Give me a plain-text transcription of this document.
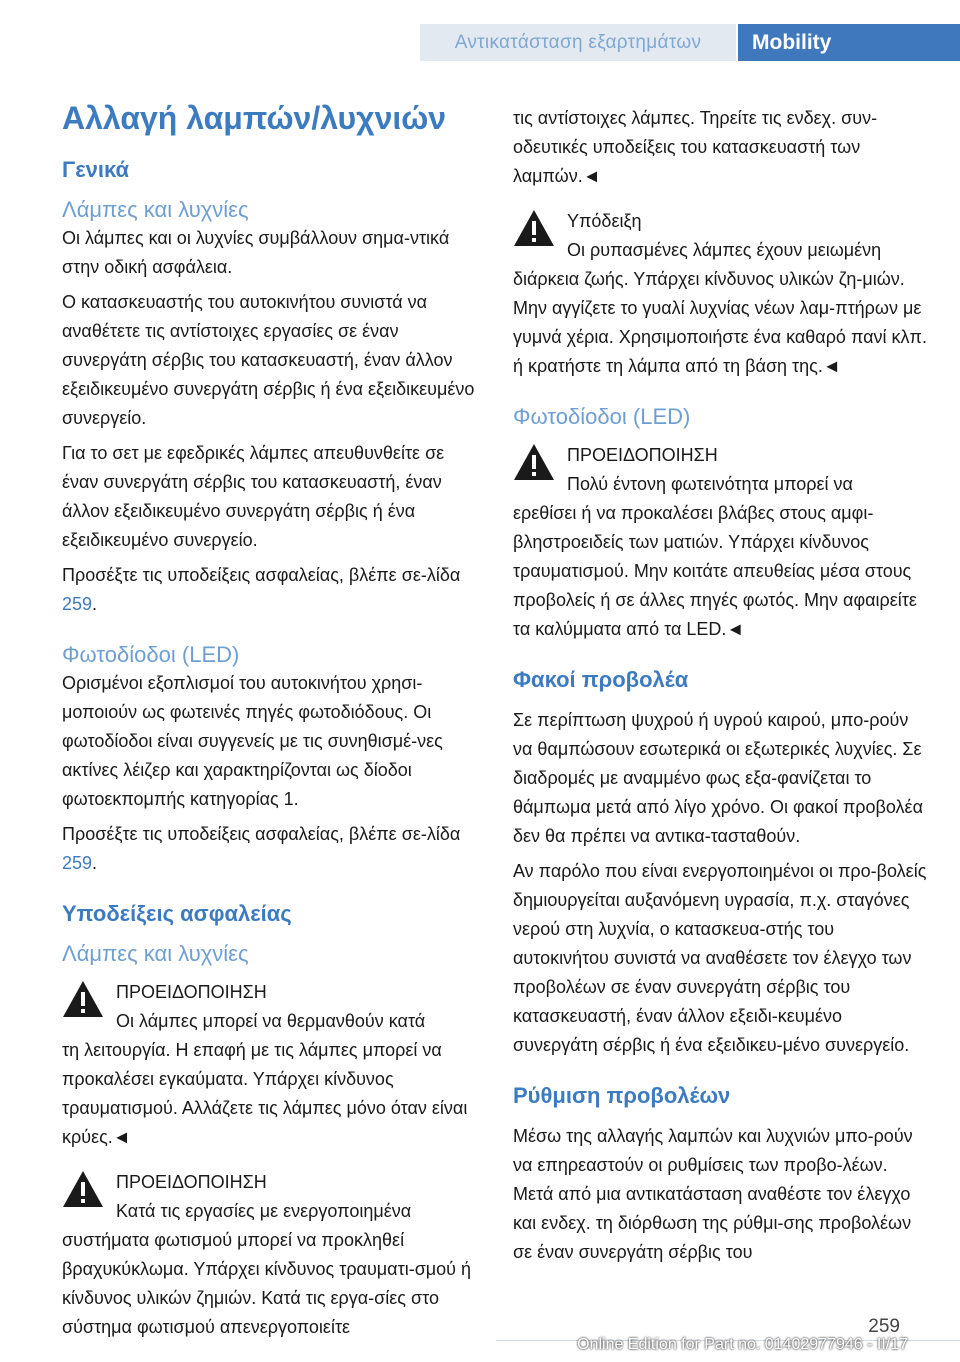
Αντικατάσταση εξαρτημάτων	Mobility
Αλλαγή λαμπών/λυχνιών
Γενικά
Λάμπες και λυχνίες
Οι λάμπες και οι λυχνίες συμβάλλουν σημα-ντικά στην οδική ασφάλεια.
Ο κατασκευαστής του αυτοκινήτου συνιστά να αναθέτετε τις αντίστοιχες εργασίες σε έναν συνεργάτη σέρβις του κατασκευαστή, έναν άλλον εξειδικευμένο συνεργάτη σέρβις ή ένα εξειδικευμένο συνεργείο.
Για το σετ με εφεδρικές λάμπες απευθυνθείτε σε έναν συνεργάτη σέρβις του κατασκευαστή, έναν άλλον εξειδικευμένο συνεργάτη σέρβις ή ένα εξειδικευμένο συνεργείο.
Προσέξτε τις υποδείξεις ασφαλείας, βλέπε σε-λίδα 259.
Φωτοδίοδοι (LED)
Ορισμένοι εξοπλισμοί του αυτοκινήτου χρησι-μοποιούν ως φωτεινές πηγές φωτοδιόδους. Οι φωτοδίοδοι είναι συγγενείς με τις συνηθισμέ-νες ακτίνες λέιζερ και χαρακτηρίζονται ως δίοδοι φωτοεκπομπής κατηγορίας 1.
Προσέξτε τις υποδείξεις ασφαλείας, βλέπε σε-λίδα 259.
Υποδείξεις ασφαλείας
Λάμπες και λυχνίες
ΠΡΟΕΙΔΟΠΟΙΗΣΗ
Οι λάμπες μπορεί να θερμανθούν κατά
τη λειτουργία. Η επαφή με τις λάμπες μπορεί να προκαλέσει εγκαύματα. Υπάρχει κίνδυνος τραυματισμού. Αλλάζετε τις λάμπες μόνο όταν είναι κρύες.◄
ΠΡΟΕΙΔΟΠΟΙΗΣΗ
Κατά τις εργασίες με ενεργοποιημένα
συστήματα φωτισμού μπορεί να προκληθεί βραχυκύκλωμα. Υπάρχει κίνδυνος τραυματι-σμού ή κίνδυνος υλικών ζημιών. Κατά τις εργα-σίες στο σύστημα φωτισμού απενεργοποιείτε
τις αντίστοιχες λάμπες. Τηρείτε τις ενδεχ. συν-οδευτικές υποδείξεις του κατασκευαστή των λαμπών.◄
Υπόδειξη
Οι ρυπασμένες λάμπες έχουν μειωμένη
διάρκεια ζωής. Υπάρχει κίνδυνος υλικών ζη-μιών. Μην αγγίζετε το γυαλί λυχνίας νέων λαμ-πτήρων με γυμνά χέρια. Χρησιμοποιήστε ένα καθαρό πανί κλπ. ή κρατήστε τη λάμπα από τη βάση της.◄
Φωτοδίοδοι (LED)
ΠΡΟΕΙΔΟΠΟΙΗΣΗ
Πολύ έντονη φωτεινότητα μπορεί να
ερεθίσει ή να προκαλέσει βλάβες στους αμφι-βληστροειδείς των ματιών. Υπάρχει κίνδυνος τραυματισμού. Μην κοιτάτε απευθείας μέσα στους προβολείς ή σε άλλες πηγές φωτός. Μην αφαιρείτε τα καλύμματα από τα LED.◄
Φακοί προβολέα
Σε περίπτωση ψυχρού ή υγρού καιρού, μπο-ρούν να θαμπώσουν εσωτερικά οι εξωτερικές λυχνίες. Σε διαδρομές με αναμμένο φως εξα-φανίζεται το θάμπωμα μετά από λίγο χρόνο. Οι φακοί προβολέα δεν θα πρέπει να αντικα-τασταθούν.
Αν παρόλο που είναι ενεργοποιημένοι οι προ-βολείς δημιουργείται αυξανόμενη υγρασία, π.χ. σταγόνες νερού στη λυχνία, ο κατασκευα-στής του αυτοκινήτου συνιστά να αναθέσετε τον έλεγχο των προβολέων σε έναν συνεργάτη σέρβις του κατασκευαστή, έναν άλλον εξειδι-κευμένο συνεργάτη σέρβις ή ένα εξειδικευ-μένο συνεργείο.
Ρύθμιση προβολέων
Μέσω της αλλαγής λαμπών και λυχνιών μπο-ρούν να επηρεαστούν οι ρυθμίσεις των προβο-λέων. Μετά από μια αντικατάσταση αναθέστε τον έλεγχο και ενδεχ. τη διόρθωση της ρύθμι-σης προβολέων σε έναν συνεργάτη σέρβις του
259
Online Edition for Part no. 01402977946 - II/17
